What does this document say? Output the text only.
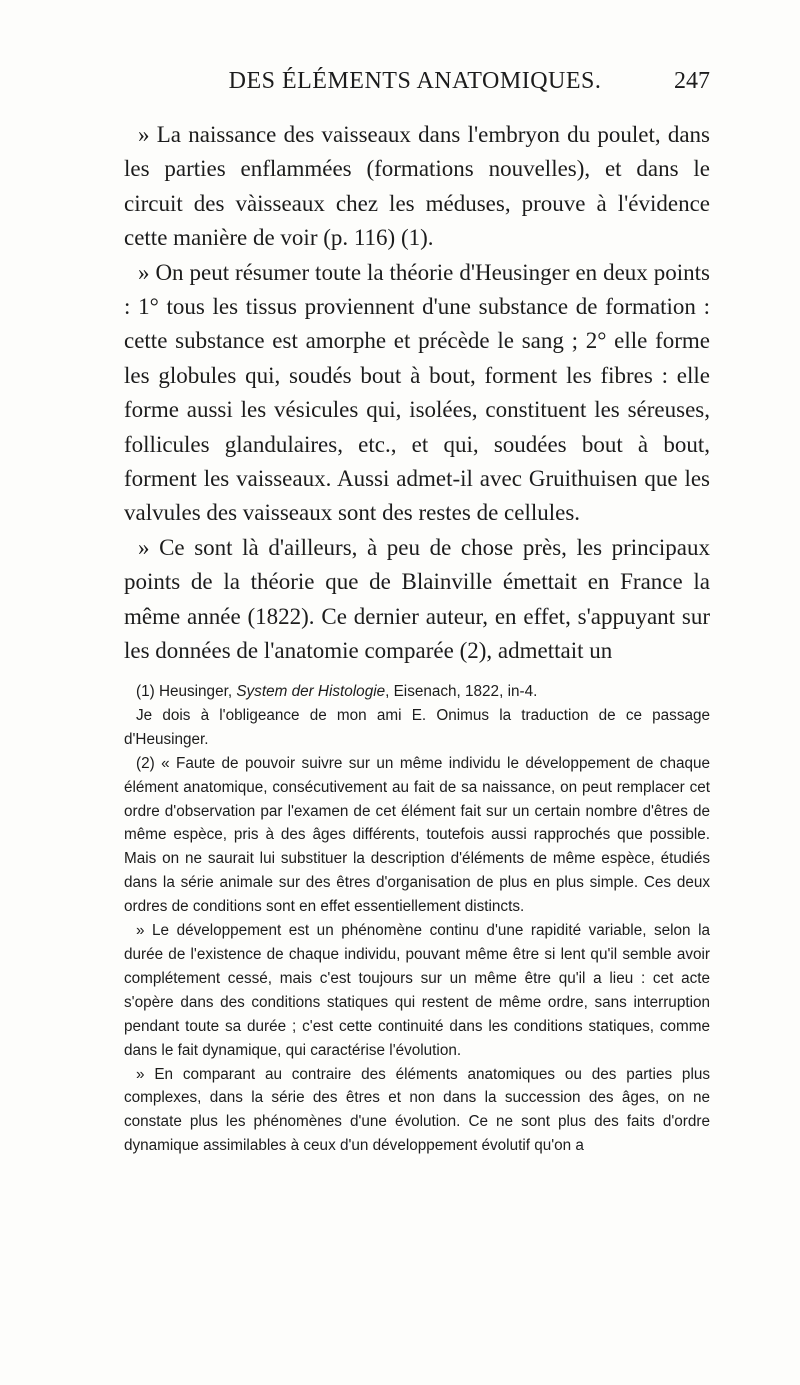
DES ÉLÉMENTS ANATOMIQUES.	247

» La naissance des vaisseaux dans l'embryon du poulet, dans les parties enflammées (formations nouvelles), et dans le circuit des vàisseaux chez les méduses, prouve à l'évidence cette manière de voir (p. 116) (1).

» On peut résumer toute la théorie d'Heusinger en deux points : 1° tous les tissus proviennent d'une substance de formation : cette substance est amorphe et précède le sang ; 2° elle forme les globules qui, soudés bout à bout, forment les fibres : elle forme aussi les vésicules qui, isolées, constituent les séreuses, follicules glandulaires, etc., et qui, soudées bout à bout, forment les vaisseaux. Aussi admet-il avec Gruithuisen que les valvules des vaisseaux sont des restes de cellules.

» Ce sont là d'ailleurs, à peu de chose près, les principaux points de la théorie que de Blainville émettait en France la même année (1822). Ce dernier auteur, en effet, s'appuyant sur les données de l'anatomie comparée (2), admettait un

(1) Heusinger, System der Histologie, Eisenach, 1822, in-4.

Je dois à l'obligeance de mon ami E. Onimus la traduction de ce passage d'Heusinger.

(2) « Faute de pouvoir suivre sur un même individu le développement de chaque élément anatomique, consécutivement au fait de sa naissance, on peut remplacer cet ordre d'observation par l'examen de cet élément fait sur un certain nombre d'êtres de même espèce, pris à des âges différents, toutefois aussi rapprochés que possible. Mais on ne saurait lui substituer la description d'éléments de même espèce, étudiés dans la série animale sur des êtres d'organisation de plus en plus simple. Ces deux ordres de conditions sont en effet essentiellement distincts.

» Le développement est un phénomène continu d'une rapidité variable, selon la durée de l'existence de chaque individu, pouvant même être si lent qu'il semble avoir complétement cessé, mais c'est toujours sur un même être qu'il a lieu : cet acte s'opère dans des conditions statiques qui restent de même ordre, sans interruption pendant toute sa durée ; c'est cette continuité dans les conditions statiques, comme dans le fait dynamique, qui caractérise l'évolution.

» En comparant au contraire des éléments anatomiques ou des parties plus complexes, dans la série des êtres et non dans la succession des âges, on ne constate plus les phénomènes d'une évolution. Ce ne sont plus des faits d'ordre dynamique assimilables à ceux d'un développement évolutif qu'on a
